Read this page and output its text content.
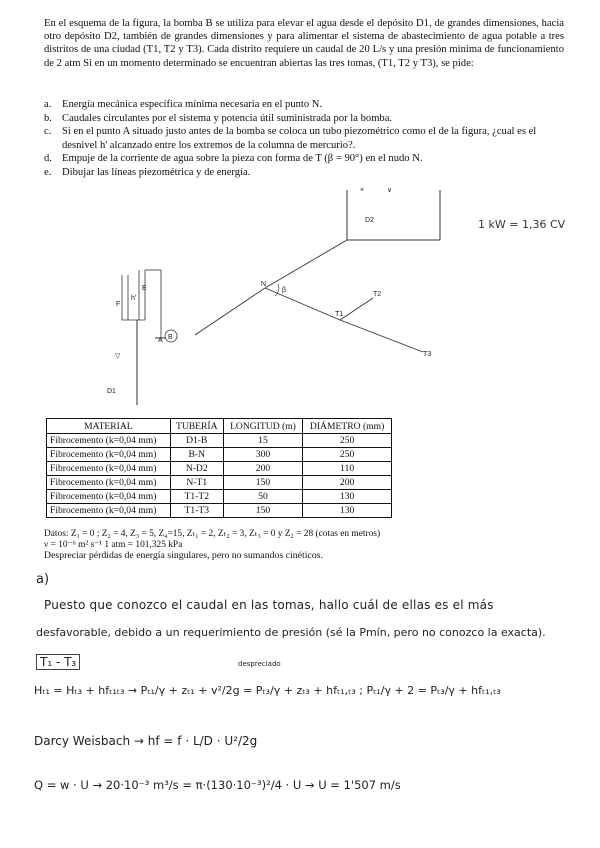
En el esquema de la figura, la bomba B se utiliza para elevar el agua desde el depósito D1, de grandes dimensiones, hacia otro depósito D2, también de grandes dimensiones y para alimentar el sistema de abastecimiento de agua potable a tres distritos de una ciudad (T1, T2 y T3). Cada distrito requiere un caudal de 20 L/s y una presión mínima de funcionamiento de 2 atm Si en un momento determinado se encuentran abiertas las tres tomas, (T1, T2 y T3), se pide:

a.	Energía mecánica específica mínima necesaria en el punto N.
b. Caudales circulantes por el sistema y potencia útil suministrada por la bomba.
c.	Si en el punto A situado justo antes de la bomba se coloca un tubo piezométrico como el de la figura, ¿cual es el desnivel h' alcanzado entre los extremos de la columna de mercurio?.
d. Empuje de la corriente de agua sobre la pieza con forma de T (β = 90°) en el nudo N.
e.	Dibujar las líneas piezométrica y de energía.
×	∨
D2
N
β
T1
T2
T3
B
A
E
F
h'
▽
D1
1 kW = 1,36 CV
MATERIAL	TUBERÍA	LONGITUD (m)	DIÁMETRO (mm)
Fibrocemento (k=0,04 mm)	D1-B	15	250
Fibrocemento (k=0,04 mm)	B-N	300	250
Fibrocemento (k=0,04 mm)	N-D2	200	110
Fibrocemento (k=0,04 mm)	N-T1	150	200
Fibrocemento (k=0,04 mm)	T1-T2	50	130
Fibrocemento (k=0,04 mm)	T1-T3	150	130
Datos: Z₁ = 0 ; Z₂ = 4, Z₃ = 5, Z₄=15, Zₜ₁ = 2, Zₜ₂ = 3, Zₜ₃ = 0 y Z₂ = 28 (cotas en metros)
ν = 10⁻⁶ m² s⁻¹ 1 atm = 101,325 kPa
Despreciar pérdidas de energía singulares, pero no sumandos cinéticos.
a)
Puesto que conozco el caudal en las tomas, hallo cuál de ellas es el más
desfavorable, debido a un requerimiento de presión (sé la Pmín, pero no conozco la exacta).
T₁ - T₃	despreciado
Hₜ₁ = Hₜ₃ + hfₜ₁ₜ₃ → Pₜ₁/γ + zₜ₁ + v²/2g = Pₜ₃/γ + zₜ₃ + hfₜ₁,ₜ₃ ; Pₜ₁/γ + 2 = Pₜ₃/γ + hfₜ₁,ₜ₃
Darcy Weisbach → hf = f · L/D · U²/2g
Q = w · U → 20·10⁻³ m³/s = π·(130·10⁻³)²/4 · U → U = 1'507 m/s
